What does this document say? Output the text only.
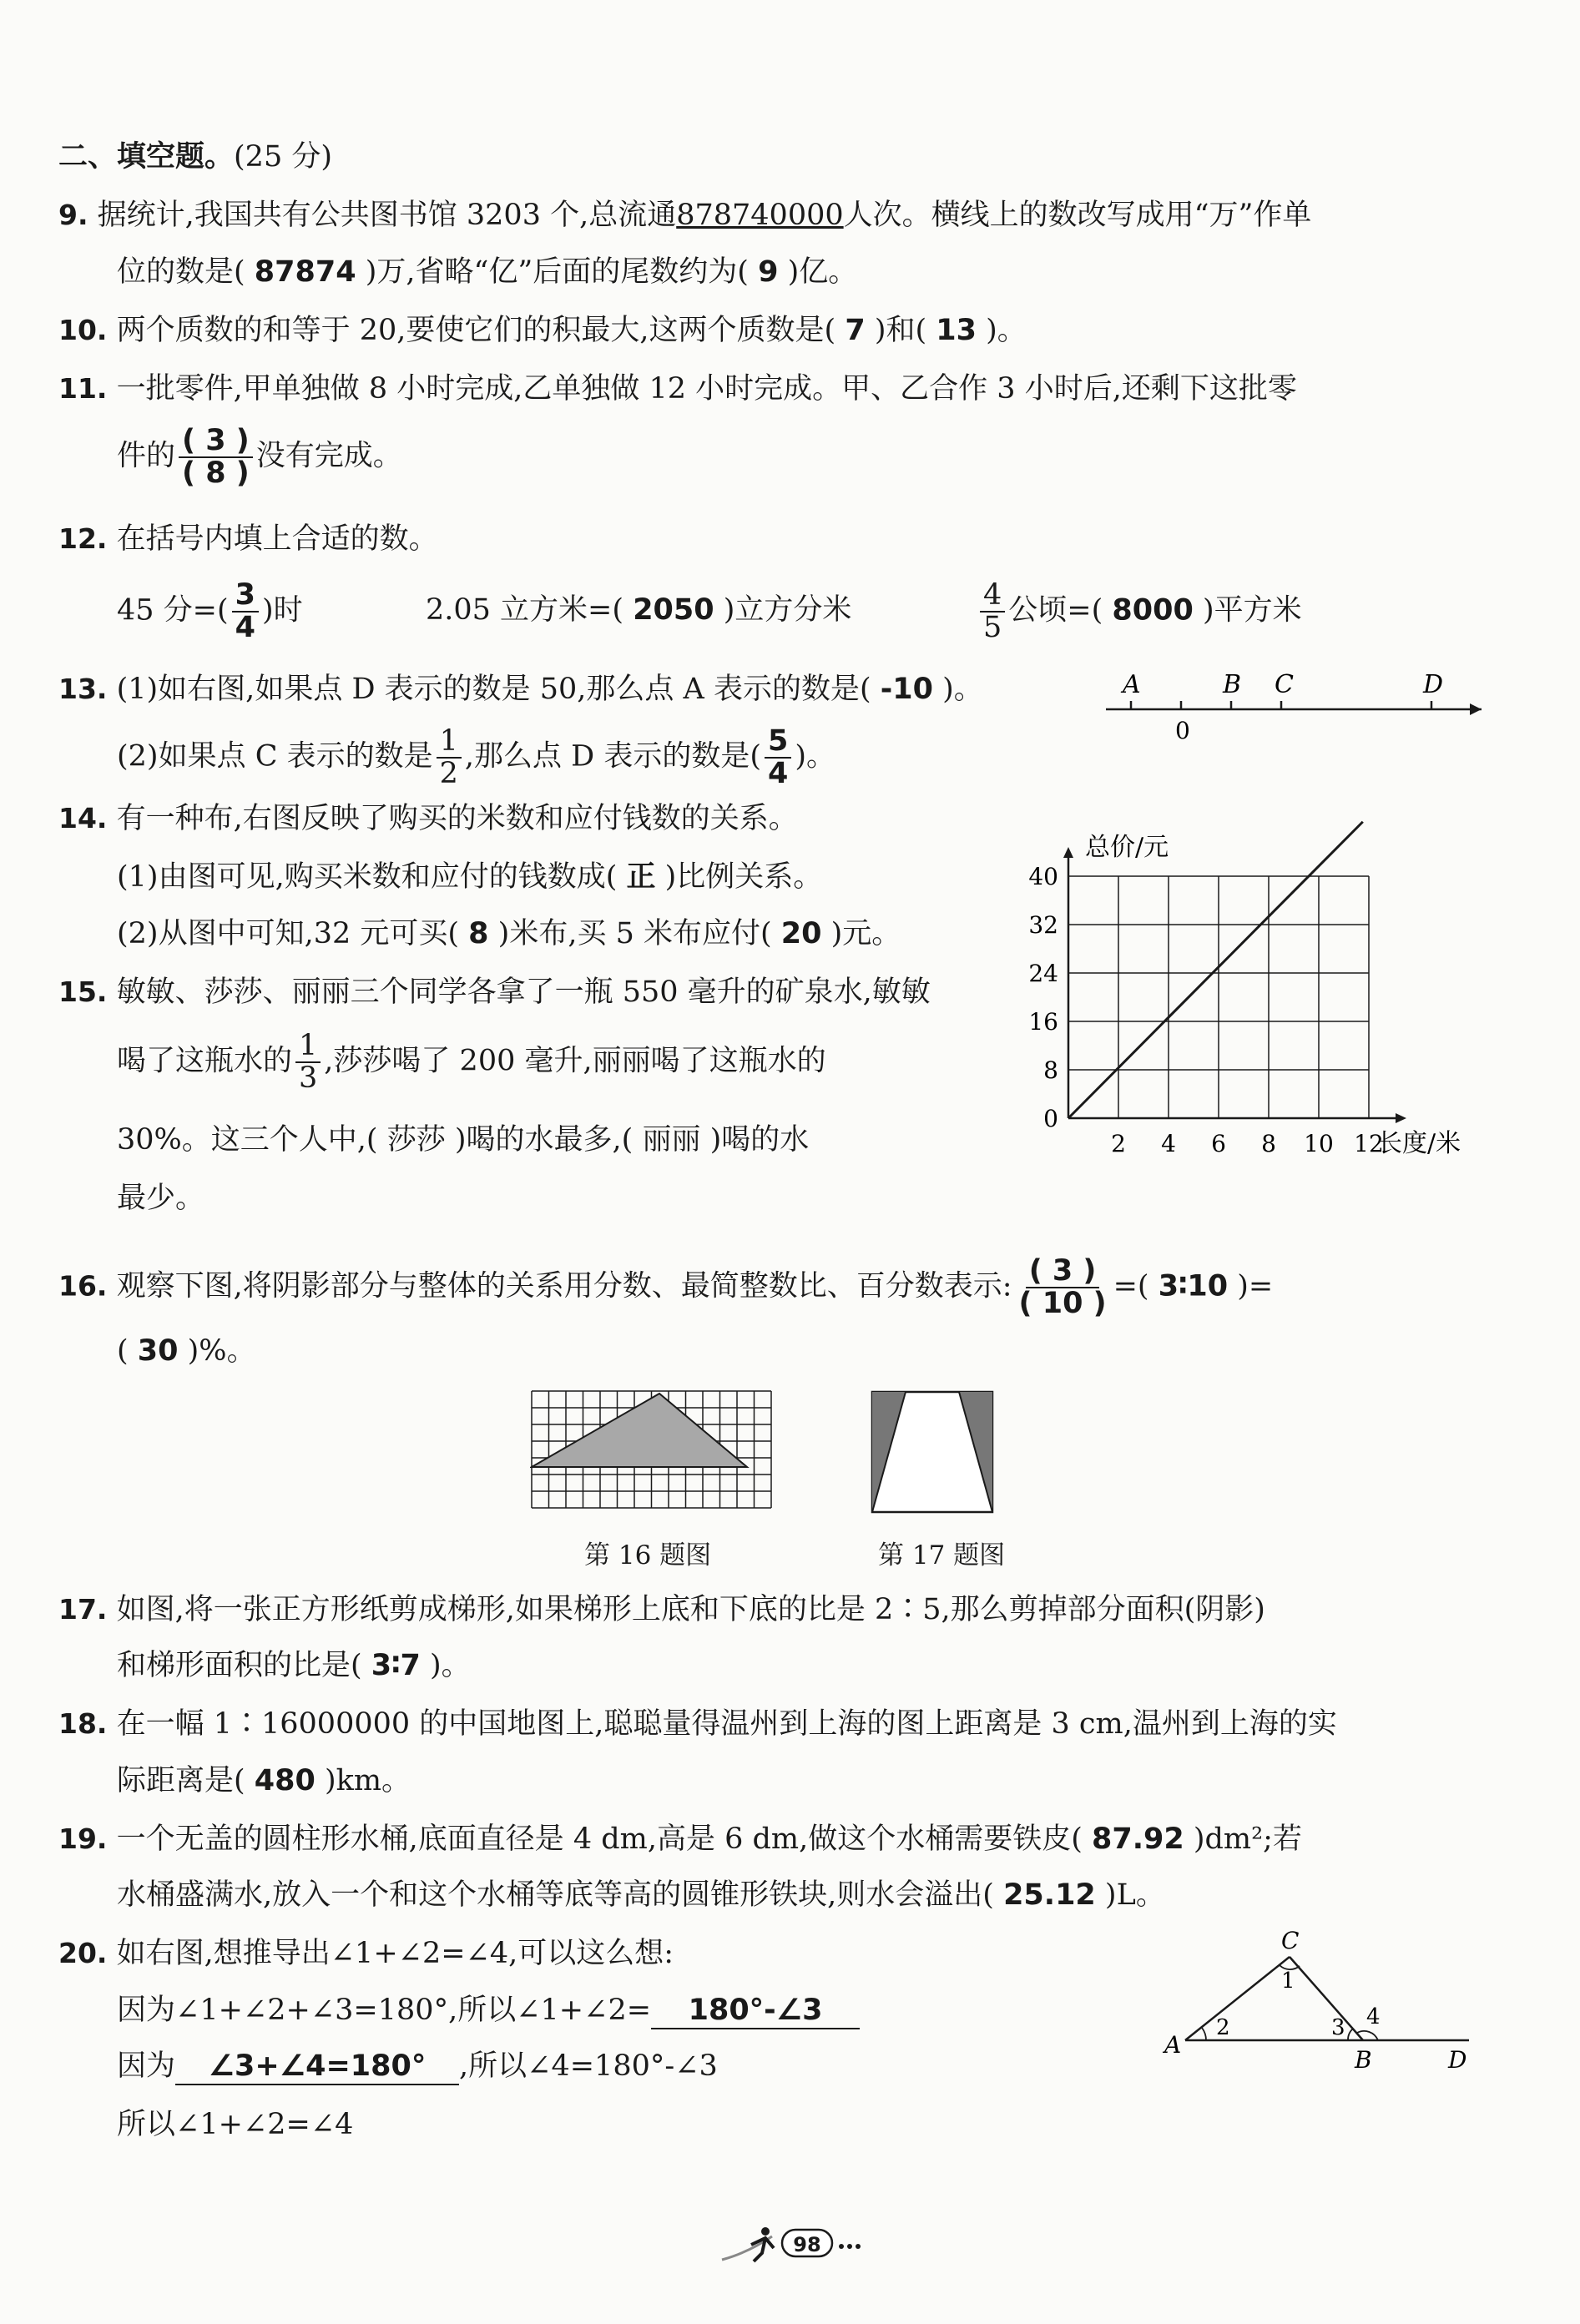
二、填空题。(25 分)
9. 据统计,我国共有公共图书馆 3203 个,总流通878740000人次。横线上的数改写成用“万”作单
位的数是( 87874 )万,省略“亿”后面的尾数约为( 9 )亿。
10. 两个质数的和等于 20,要使它们的积最大,这两个质数是( 7 )和( 13 )。
11. 一批零件,甲单独做 8 小时完成,乙单独做 12 小时完成。甲、乙合作 3 小时后,还剩下这批零
件的 $\frac{( 3 )}{( 8 )}$ 没有完成。
12. 在括号内填上合适的数。
45 分=( $\frac{3}{4}$ )时	2.05 立方米=( 2050 )立方分米	$\frac{4}{5}$ 公顷=( 8000 )平方米
13. (1)如右图,如果点 D 表示的数是 50,那么点 A 表示的数是( -10 )。
(2)如果点 C 表示的数是 $\frac{1}{2}$ ,那么点 D 表示的数是( $\frac{5}{4}$ )。
A	B C	D
0
14. 有一种布,右图反映了购买的米数和应付钱数的关系。
(1)由图可见,购买米数和应付的钱数成( 正 )比例关系。
(2)从图中可知,32 元可买( 8 )米布,买 5 米布应付( 20 )元。
2 4 6 8 10 12
0
8
16
24
32
40
总价/元
长度/米
15. 敏敏、莎莎、丽丽三个同学各拿了一瓶 550 毫升的矿泉水,敏敏
喝了这瓶水的 $\frac{1}{3}$ ,莎莎喝了 200 毫升,丽丽喝了这瓶水的
30%。这三个人中,( 莎莎 )喝的水最多,( 丽丽 )喝的水
最少。
16. 观察下图,将阴影部分与整体的关系用分数、最简整数比、百分数表示: $\frac{( 3 )}{( 10 )}$ =( 3∶10 )=
( 30 )%。
第 16 题图	第 17 题图
17. 如图,将一张正方形纸剪成梯形,如果梯形上底和下底的比是 2∶5,那么剪掉部分面积(阴影)
和梯形面积的比是( 3∶7 )。
18. 在一幅 1∶16000000 的中国地图上,聪聪量得温州到上海的图上距离是 3 cm,温州到上海的实
际距离是( 480 )km。
19. 一个无盖的圆柱形水桶,底面直径是 4 dm,高是 6 dm,做这个水桶需要铁皮( 87.92 )dm²;若
水桶盛满水,放入一个和这个水桶等底等高的圆锥形铁块,则水会溢出( 25.12 )L。
20. 如右图,想推导出∠1+∠2=∠4,可以这么想:
因为∠1+∠2+∠3=180°,所以∠1+∠2= 180°-∠3
因为 ∠3+∠4=180° ,所以∠4=180°-∠3
所以∠1+∠2=∠4
A
B
C
D
1
2	3 4
98
